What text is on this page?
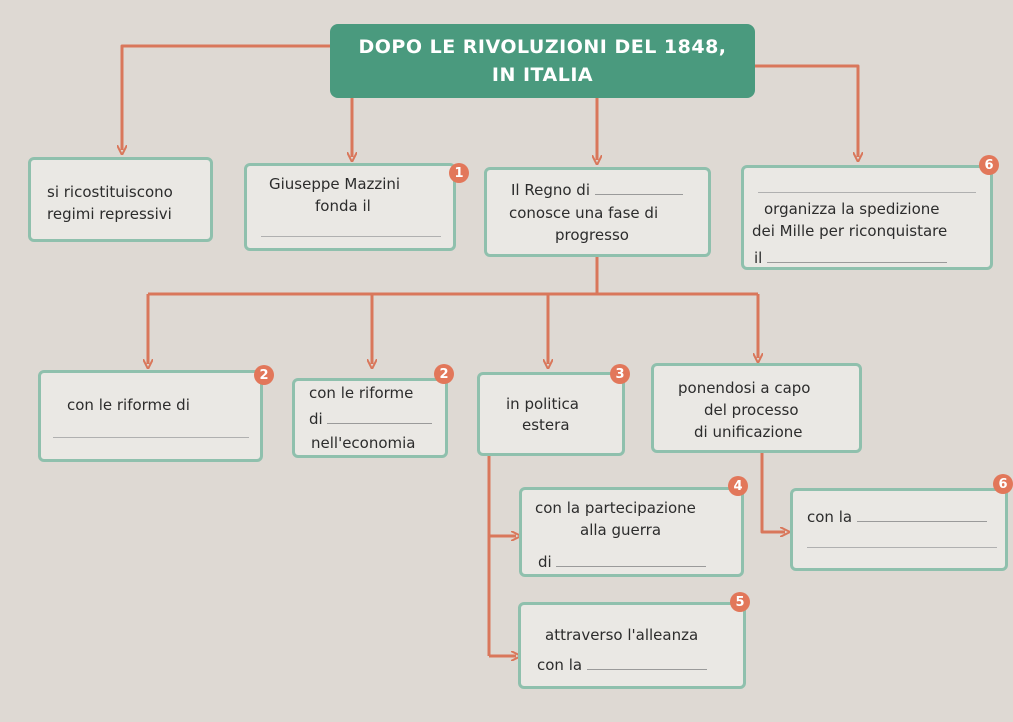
DOPO LE RIVOLUZIONI DEL 1848,
IN ITALIA
si ricostituiscono
regimi repressivi
Giuseppe Mazzini
fonda il
1
Il Regno di
conosce una fase di
progresso
organizza la spedizione
dei Mille per riconquistare
il
6
con le riforme di
2
con le riforme
di
nell'economia
2
in politica
estera
3
ponendosi a capo
del processo
di unificazione
con la partecipazione
alla guerra
di
4
con la
6
attraverso l'alleanza
con la
5
